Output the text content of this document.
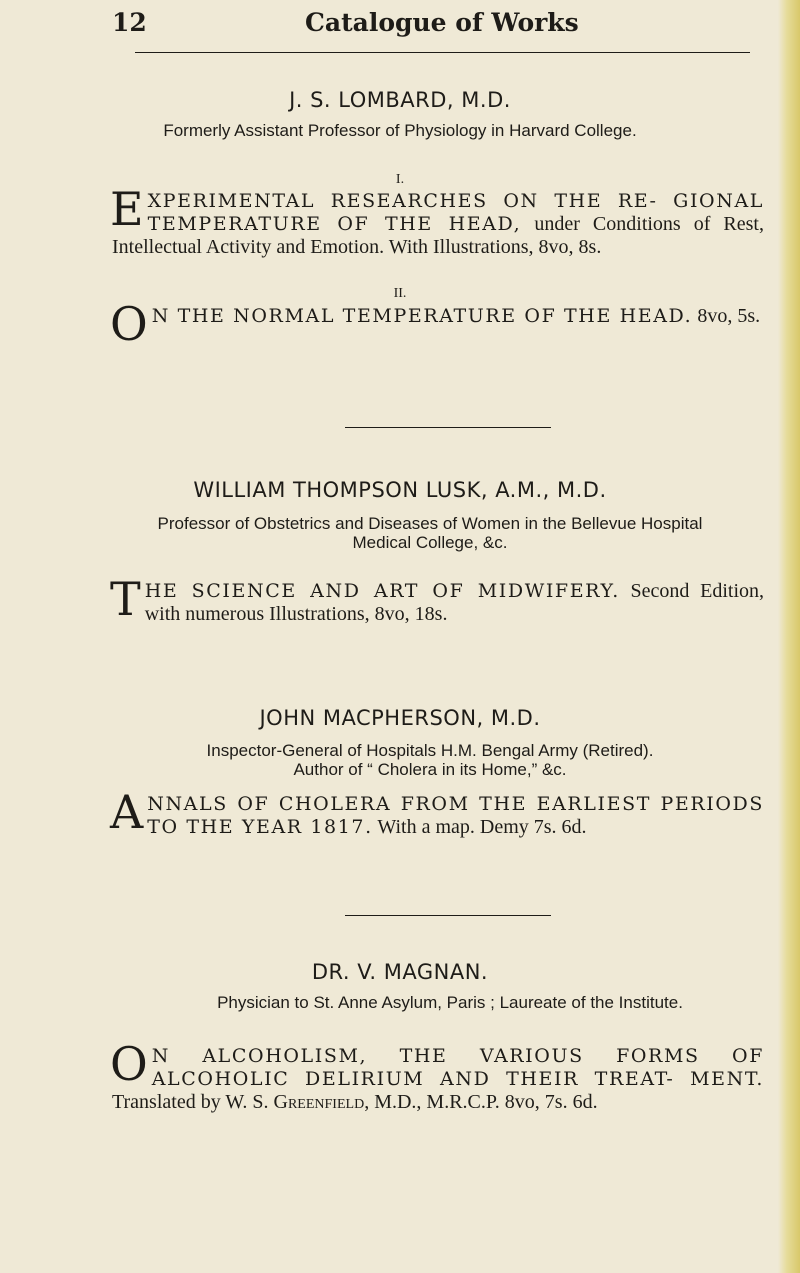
12	Catalogue of Works
J. S. LOMBARD, M.D.
Formerly Assistant Professor of Physiology in Harvard College.
I.
EXPERIMENTAL RESEARCHES ON THE RE- GIONAL TEMPERATURE OF THE HEAD, under Conditions of Rest, Intellectual Activity and Emotion. With Illustrations, 8vo, 8s.
II.
O N THE NORMAL TEMPERATURE OF THE HEAD. 8vo, 5s.
WILLIAM THOMPSON LUSK, A.M., M.D.
Professor of Obstetrics and Diseases of Women in the Bellevue Hospital
Medical College, &c.
THE SCIENCE AND ART OF MIDWIFERY. Second Edition, with numerous Illustrations, 8vo, 18s.
JOHN MACPHERSON, M.D.
Inspector-General of Hospitals H.M. Bengal Army (Retired).
Author of “ Cholera in its Home,” &c.
ANNALS OF CHOLERA FROM THE EARLIEST PERIODS TO THE YEAR 1817. With a map. Demy 7s. 6d.
DR. V. MAGNAN.
Physician to St. Anne Asylum, Paris ; Laureate of the Institute.
O N ALCOHOLISM, THE VARIOUS FORMS OF ALCOHOLIC DELIRIUM AND THEIR TREAT- MENT. Translated by W. S. Greenfield, M.D., M.R.C.P. 8vo, 7s. 6d.
